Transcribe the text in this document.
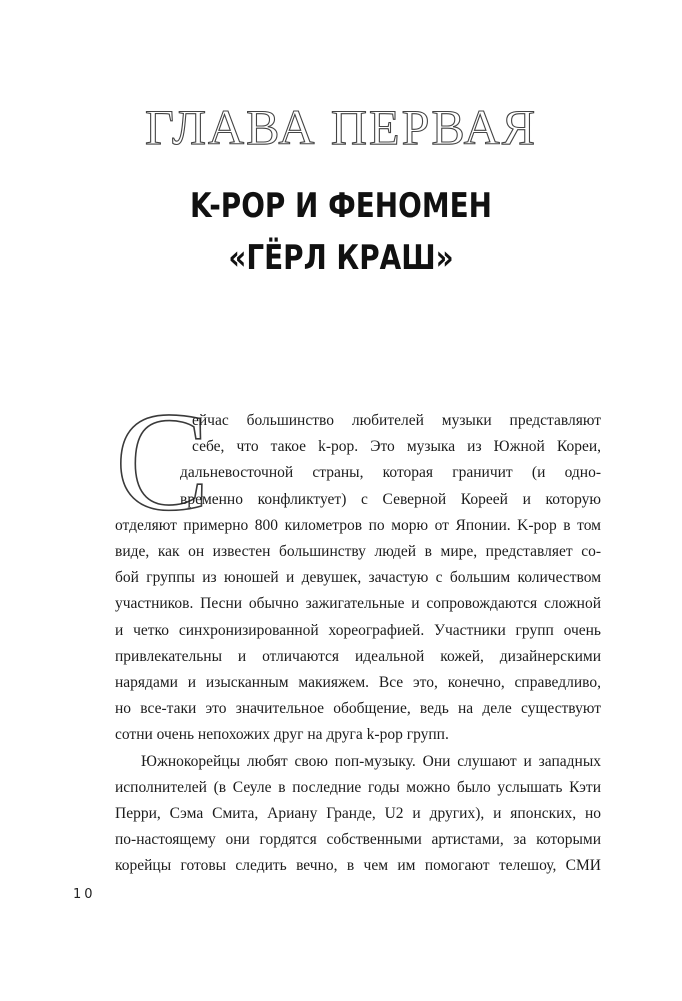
ГЛАВА ПЕРВАЯ
K-POP И ФЕНОМЕН
«ГЁРЛ КРАШ»
С
ейчас большинство любителей музыки представляют
себе, что такое k-pop. Это музыка из Южной Кореи,
дальневосточной страны, которая граничит (и одно-
временно конфликтует) с Северной Кореей и которую
отделяют примерно 800 километров по морю от Японии. K-pop в том
виде, как он известен большинству людей в мире, представляет со-
бой группы из юношей и девушек, зачастую с большим количеством
участников. Песни обычно зажигательные и сопровождаются сложной
и четко синхронизированной хореографией. Участники групп очень
привлекательны и отличаются идеальной кожей, дизайнерскими
нарядами и изысканным макияжем. Все это, конечно, справедливо,
но все-таки это значительное обобщение, ведь на деле существуют
сотни очень непохожих друг на друга k-pop групп.
Южнокорейцы любят свою поп-музыку. Они слушают и западных
исполнителей (в Сеуле в последние годы можно было услышать Кэти
Перри, Сэма Смита, Ариану Гранде, U2 и других), и японских, но
по-настоящему они гордятся собственными артистами, за которыми
корейцы готовы следить вечно, в чем им помогают телешоу, СМИ
10
